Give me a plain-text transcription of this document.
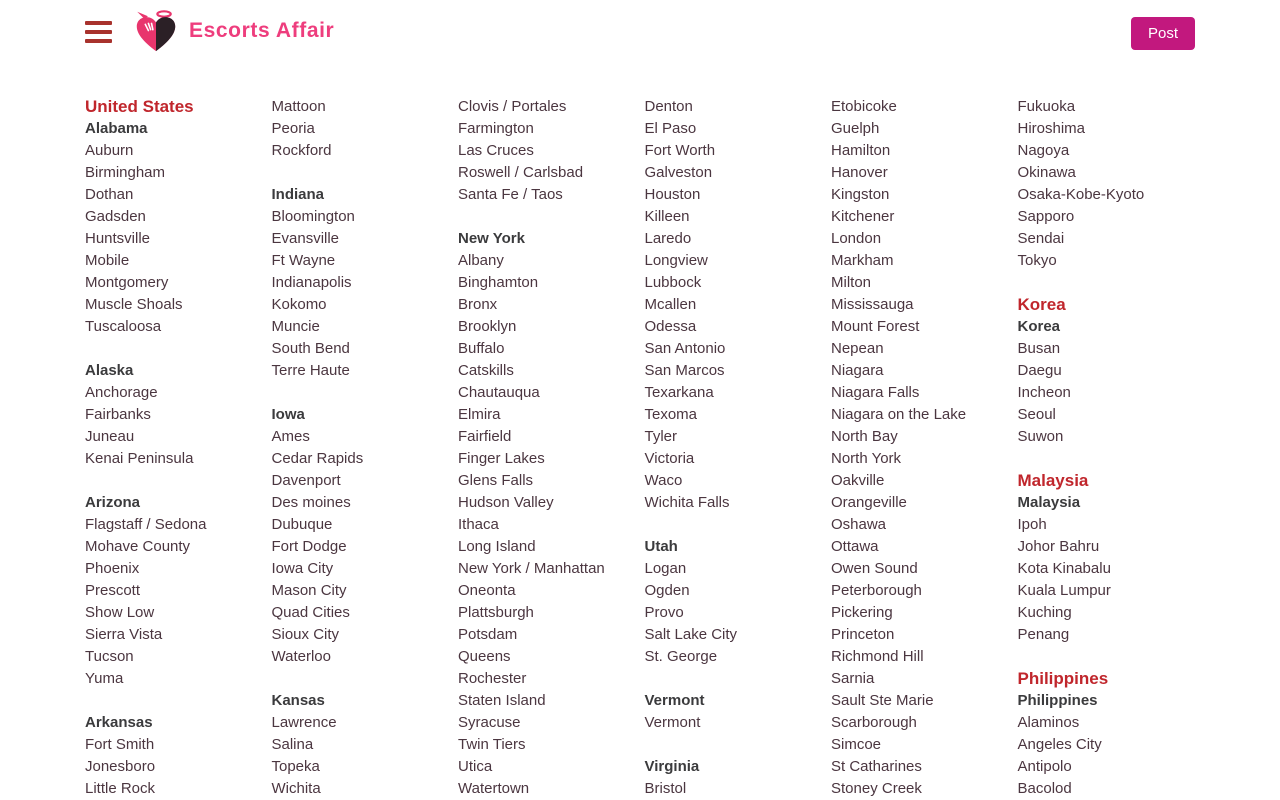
Escorts Affair	Post
United States
Alabama
Auburn
Birmingham
Dothan
Gadsden
Huntsville
Mobile
Montgomery
Muscle Shoals
Tuscaloosa
Alaska
Anchorage
Fairbanks
Juneau
Kenai Peninsula
Arizona
Flagstaff / Sedona
Mohave County
Phoenix
Prescott
Show Low
Sierra Vista
Tucson
Yuma
Arkansas
Fort Smith
Jonesboro
Little Rock
Mattoon
Peoria
Rockford
Indiana
Bloomington
Evansville
Ft Wayne
Indianapolis
Kokomo
Muncie
South Bend
Terre Haute
Iowa
Ames
Cedar Rapids
Davenport
Des moines
Dubuque
Fort Dodge
Iowa City
Mason City
Quad Cities
Sioux City
Waterloo
Kansas
Lawrence
Salina
Topeka
Wichita
Clovis / Portales
Farmington
Las Cruces
Roswell / Carlsbad
Santa Fe / Taos
New York
Albany
Binghamton
Bronx
Brooklyn
Buffalo
Catskills
Chautauqua
Elmira
Fairfield
Finger Lakes
Glens Falls
Hudson Valley
Ithaca
Long Island
New York / Manhattan
Oneonta
Plattsburgh
Potsdam
Queens
Rochester
Staten Island
Syracuse
Twin Tiers
Utica
Watertown
Denton
El Paso
Fort Worth
Galveston
Houston
Killeen
Laredo
Longview
Lubbock
Mcallen
Odessa
San Antonio
San Marcos
Texarkana
Texoma
Tyler
Victoria
Waco
Wichita Falls
Utah
Logan
Ogden
Provo
Salt Lake City
St. George
Vermont
Vermont
Virginia
Bristol
Etobicoke
Guelph
Hamilton
Hanover
Kingston
Kitchener
London
Markham
Milton
Mississauga
Mount Forest
Nepean
Niagara
Niagara Falls
Niagara on the Lake
North Bay
North York
Oakville
Orangeville
Oshawa
Ottawa
Owen Sound
Peterborough
Pickering
Princeton
Richmond Hill
Sarnia
Sault Ste Marie
Scarborough
Simcoe
St Catharines
Stoney Creek
Fukuoka
Hiroshima
Nagoya
Okinawa
Osaka-Kobe-Kyoto
Sapporo
Sendai
Tokyo
Korea
Korea
Busan
Daegu
Incheon
Seoul
Suwon
Malaysia
Malaysia
Ipoh
Johor Bahru
Kota Kinabalu
Kuala Lumpur
Kuching
Penang
Philippines
Philippines
Alaminos
Angeles City
Antipolo
Bacolod
